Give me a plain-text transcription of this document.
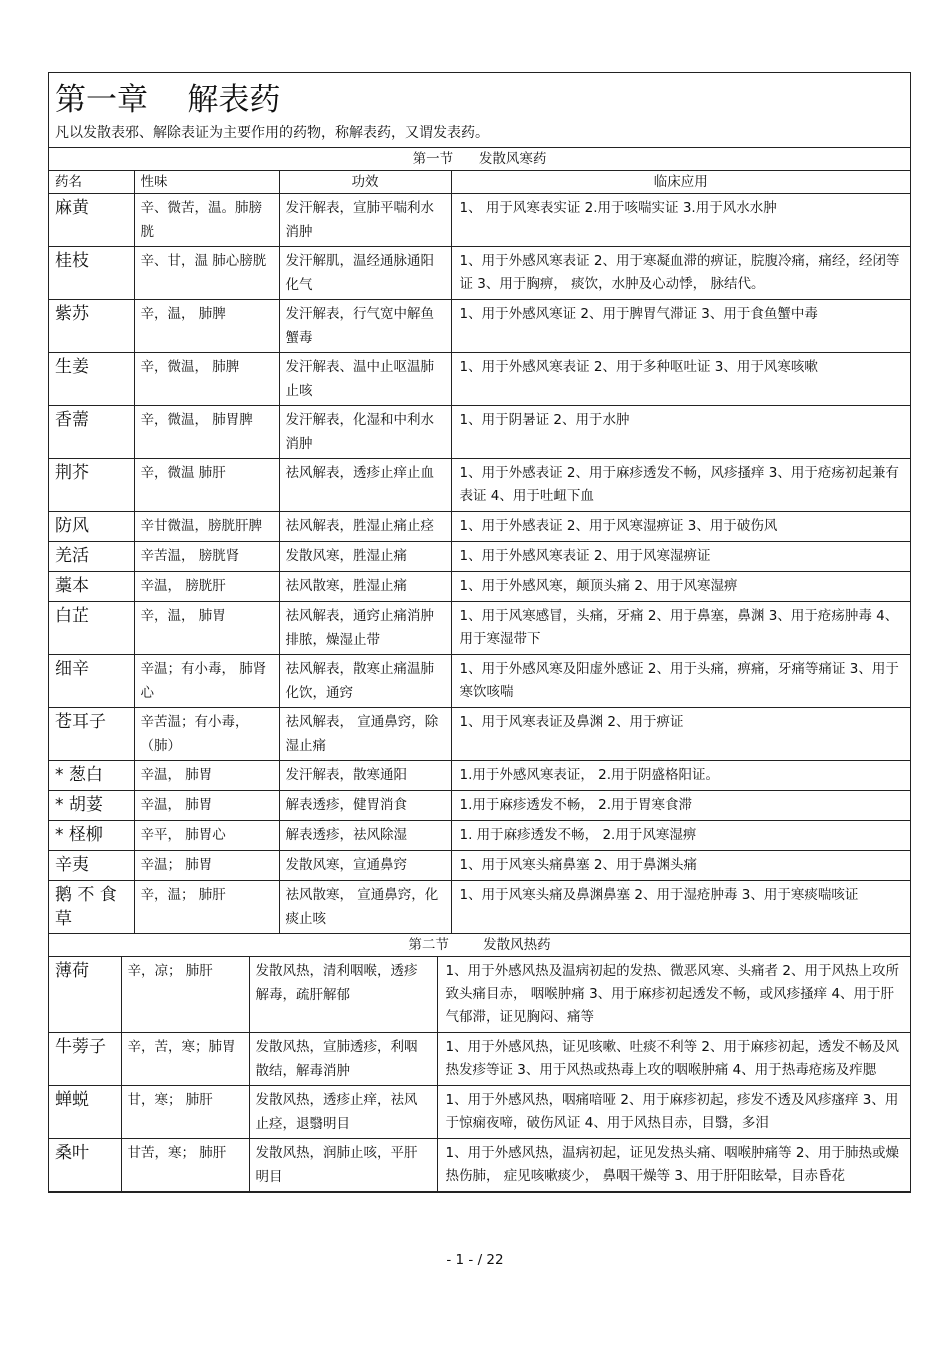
第一章    解表药
凡以发散表邪、解除表证为主要作用的药物，称解表药，又谓发表药。
第一节      发散风寒药			
药名	性味	功效	临床应用
麻黄	辛、微苦，温。肺膀胱	发汗解表，宣肺平喘利水消肿	1、 用于风寒表实证 2.用于咳喘实证 3.用于风水水肿
桂枝	辛、甘，温 肺心膀胱	发汗解肌，温经通脉通阳化气	1、用于外感风寒表证 2、用于寒凝血滞的痹证，脘腹冷痛，痛经，经闭等证 3、用于胸痹， 痰饮，水肿及心动悸， 脉结代。
紫苏	辛，温， 肺脾	发汗解表，行气宽中解鱼蟹毒	1、用于外感风寒证 2、用于脾胃气滞证 3、用于食鱼蟹中毒
生姜	辛，微温， 肺脾	发汗解表、温中止呕温肺止咳	1、用于外感风寒表证 2、用于多种呕吐证 3、用于风寒咳嗽
香薷	辛，微温， 肺胃脾	发汗解表，化湿和中利水消肿	1、用于阴暑证 2、用于水肿
荆芥	辛，微温 肺肝	祛风解表，透疹止痒止血	1、用于外感表证 2、用于麻疹透发不畅，风疹搔痒 3、用于疮疡初起兼有表证 4、用于吐衄下血
防风	辛甘微温，膀胱肝脾	祛风解表，胜湿止痛止痉	1、用于外感表证 2、用于风寒湿痹证 3、用于破伤风
羌活	辛苦温， 膀胱肾	发散风寒，胜湿止痛	1、用于外感风寒表证 2、用于风寒湿痹证
藁本	辛温， 膀胱肝	祛风散寒，胜湿止痛	1、用于外感风寒，颠顶头痛 2、用于风寒湿痹
白芷	辛，温， 肺胃	祛风解表，通窍止痛消肿排脓，燥湿止带	1、用于风寒感冒，头痛，牙痛 2、用于鼻塞，鼻渊 3、用于疮疡肿毒 4、用于寒湿带下
细辛	辛温；有小毒， 肺肾心	祛风解表，散寒止痛温肺化饮，通窍	1、用于外感风寒及阳虚外感证 2、用于头痛，痹痛，牙痛等痛证 3、用于寒饮咳喘
苍耳子	辛苦温；有小毒， （肺）	祛风解表， 宣通鼻窍，除湿止痛	1、用于风寒表证及鼻渊 2、用于痹证
* 葱白	辛温， 肺胃	发汗解表，散寒通阳	1.用于外感风寒表证， 2.用于阴盛格阳证。
* 胡荽	辛温， 肺胃	解表透疹，健胃消食	1.用于麻疹透发不畅， 2.用于胃寒食滞
* 柽柳	辛平， 肺胃心	解表透疹，祛风除湿	1. 用于麻疹透发不畅， 2.用于风寒湿痹
辛夷	辛温； 肺胃	发散风寒，宣通鼻窍	1、用于风寒头痛鼻塞 2、用于鼻渊头痛
鹅 不 食 草	辛，温； 肺肝	祛风散寒， 宣通鼻窍，化痰止咳	1、用于风寒头痛及鼻渊鼻塞 2、用于湿疮肿毒 3、用于寒痰喘咳证
第二节        发散风热药			
薄荷	辛，凉； 肺肝	发散风热，清利咽喉，透疹解毒，疏肝解郁	1、用于外感风热及温病初起的发热、微恶风寒、头痛者 2、用于风热上攻所致头痛目赤， 咽喉肿痛 3、用于麻疹初起透发不畅，或风疹搔痒 4、用于肝气郁滞，证见胸闷、痛等
牛蒡子	辛，苦，寒；肺胃	发散风热，宣肺透疹，利咽散结，解毒消肿	1、用于外感风热，证见咳嗽、吐痰不利等 2、用于麻疹初起，透发不畅及风热发疹等证 3、用于风热或热毒上攻的咽喉肿痛 4、用于热毒疮疡及痄腮
蝉蜕	甘，寒； 肺肝	发散风热，透疹止痒，祛风止痉，退翳明目	1、用于外感风热，咽痛喑哑 2、用于麻疹初起，疹发不透及风疹瘙痒 3、用于惊痫夜啼，破伤风证 4、用于风热目赤，目翳，多泪
桑叶	甘苦，寒； 肺肝	发散风热，润肺止咳，平肝明目	1、用于外感风热，温病初起，证见发热头痛、咽喉肿痛等 2、用于肺热或燥热伤肺， 症见咳嗽痰少， 鼻咽干燥等 3、用于肝阳眩晕，目赤昏花
- 1 - / 22
